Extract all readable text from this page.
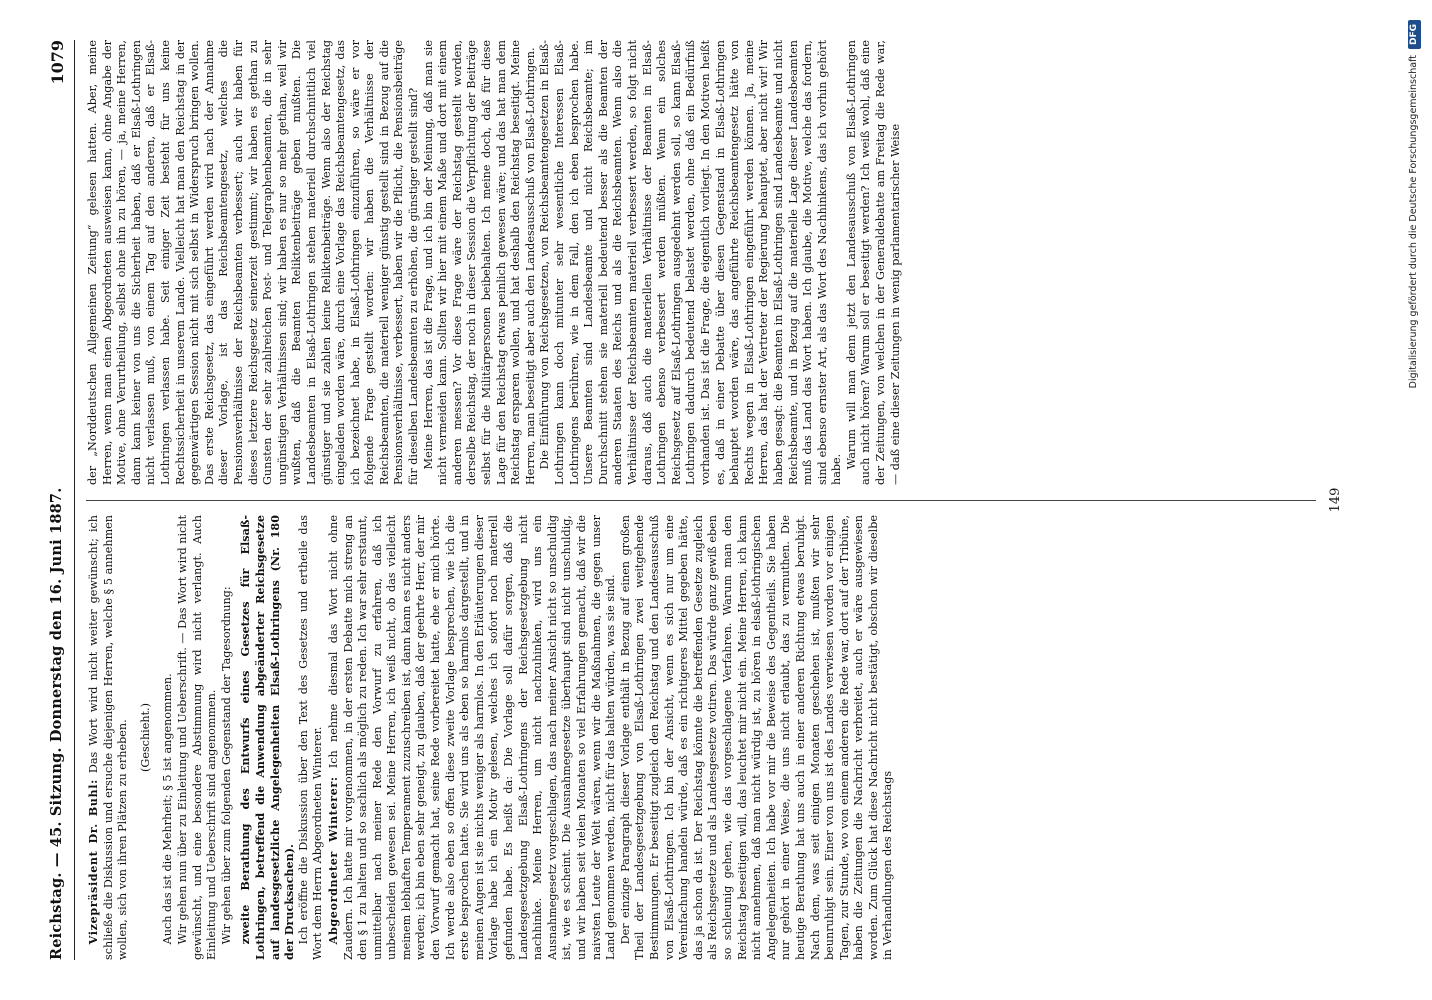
Reichstag. — 45. Sitzung. Donnerstag den 16. Juni 1887.
1079

Vizepräsident Dr. Buhl: Das Wort wird nicht weiter gewünscht; ich schließe die Diskussion und ersuche diejenigen Herren, welche § 5 annehmen wollen, sich von ihren Plätzen zu erheben. (Geschieht.) Auch das ist die Mehrheit; § 5 ist angenommen. Wir gehen nun über zu Einleitung und Ueberschrift. — Das Wort wird nicht gewünscht, und eine besondere Abstimmung wird nicht verlangt. Auch Einleitung und Ueberschrift sind angenommen. Wir gehen über zum folgenden Gegenstand der Tagesordnung: zweite Berathung des Entwurfs eines Gesetzes für Elsaß-Lothringen, betreffend die Anwendung abgeänderter Reichsgesetze auf landesgesetzliche Angelegenheiten Elsaß-Lothringens (Nr. 180 der Drucksachen). Ich eröffne die Diskussion über den Text des Gesetzes und ertheile das Wort dem Herrn Abgeordneten Winterer. Abgeordneter Winterer: Ich nehme diesmal das Wort nicht ohne Zaudern. Ich hatte mir vorgenommen, in der ersten Debatte mich streng an den § 1 zu halten und so sachlich als möglich zu reden. Ich war sehr erstaunt, unmittelbar nach meiner Rede den Vorwurf zu erfahren, daß ich unbescheiden gewesen sei. Meine Herren, ich weiß nicht, ob das vielleicht meinem lebhaften Temperament zuzuschreiben ist, dann kann es nicht anders werden; ich bin eben sehr geneigt, zu glauben, daß der geehrte Herr, der mir den Vorwurf gemacht hat, seine Rede vorbereitet hatte, ehe er mich hörte. Ich werde also eben so offen diese zweite Vorlage besprechen, wie ich die erste besprochen hatte. Sie wird uns als eben so harmlos dargestellt, und in meinen Augen ist sie nichts weniger als harmlos. In den Erläuterungen dieser Vorlage habe ich ein Motiv gelesen, welches ich sofort noch materiell gefunden habe. Es heißt da: Die Vorlage soll dafür sorgen, daß die Landesgesetzgebung Elsaß-Lothringens der Reichsgesetzgebung nicht nachhinke. Meine Herren, um nicht nachzuhinken, wird uns ein Ausnahmegesetz vorgeschlagen, das nach meiner Ansicht nicht so unschuldig ist, wie es scheint. Die Ausnahmegesetze überhaupt sind nicht unschuldig, und wir haben seit vielen Monaten so viel Erfahrungen gemacht, daß wir die naivsten Leute der Welt wären, wenn wir die Maßnahmen, die gegen unser Land genommen werden, nicht für das halten würden, was sie sind. Der einzige Paragraph dieser Vorlage enthält in Bezug auf einen großen Theil der Landesgesetzgebung von Elsaß-Lothringen zwei weitgehende Bestimmungen. Er beseitigt zugleich den Reichstag und den Landesausschuß von Elsaß-Lothringen. Ich bin der Ansicht, wenn es sich nur um eine Vereinfachung handeln würde, daß es ein richtigeres Mittel gegeben hätte, das ja schon da ist. Der Reichstag könnte die betreffenden Gesetze zugleich als Reichsgesetze und als Landesgesetze votiren. Das würde ganz gewiß eben so schleunig gehen, wie das vorgeschlagene Verfahren. Warum man den Reichstag beseitigen will, das leuchtet mir nicht ein. Meine Herren, ich kann nicht annehmen, daß man nicht würdig ist, zu hören in elsaß-lothringischen Angelegenheiten. Ich habe vor mir die Beweise des Gegentheils. Sie haben nur gehört in einer Weise, die uns nicht erlaubt, das zu vermuthen. Die heutige Berathung hat uns auch in einer anderen Richtung etwas beruhigt. Nach dem, was seit einigen Monaten geschehen ist, mußten wir sehr beunruhigt sein. Einer von uns ist des Landes verwiesen worden vor einigen Tagen, zur Stunde, wo von einem anderen die Rede war, dort auf der Tribüne, haben die Zeitungen die Nachricht verbreitet, auch er wäre ausgewiesen worden. Zum Glück hat diese Nachricht nicht bestätigt, obschon wir dieselbe in Verhandlungen des Reichstags

der „Norddeutschen Allgemeinen Zeitung“ gelesen hatten. Aber, meine Herren, wenn man einen Abgeordneten ausweisen kann, ohne Angabe der Motive, ohne Verurtheilung, selbst ohne ihn zu hören, — ja, meine Herren, dann kann keiner von uns die Sicherheit haben, daß er Elsaß-Lothringen nicht verlassen muß, von einem Tag auf den anderen, daß er Elsaß-Lothringen verlassen habe. Seit einiger Zeit besteht für uns keine Rechtssicherheit in unserem Lande. Vielleicht hat man den Reichstag in der gegenwärtigen Session nicht mit sich selbst in Widerspruch bringen wollen. Das erste Reichsgesetz, das eingeführt werden wird nach der Annahme dieser Vorlage, ist das Reichsbeamtengesetz, welches die Pensionsverhältnisse der Reichsbeamten verbessert; auch wir haben für dieses letztere Reichsgesetz seinerzeit gestimmt; wir haben es gethan zu Gunsten der sehr zahlreichen Post- und Telegraphenbeamten, die in sehr ungünstigen Verhältnissen sind; wir haben es nur so mehr gethan, weil wir wußten, daß die Beamten Reliktenbeiträge geben mußten. Die Landesbeamten in Elsaß-Lothringen stehen materiell durchschnittlich viel günstiger und sie zahlen keine Reliktenbeiträge. Wenn also der Reichstag eingeladen worden wäre, durch eine Vorlage das Reichsbeamtengesetz, das ich bezeichnet habe, in Elsaß-Lothringen einzuführen, so wäre er vor folgende Frage gestellt worden: wir haben die Verhältnisse der Reichsbeamten, die materiell weniger günstig gestellt sind in Bezug auf die Pensionsverhältnisse, verbessert, haben wir die Pflicht, die Pensionsbeiträge für dieselben Landesbeamten zu erhöhen, die günstiger gestellt sind? Meine Herren, das ist die Frage, und ich bin der Meinung, daß man sie nicht vermeiden kann. Sollten wir hier mit einem Maße und dort mit einem anderen messen? Vor diese Frage wäre der Reichstag gestellt worden, derselbe Reichstag, der noch in dieser Session die Verpflichtung der Beiträge selbst für die Militärpersonen beibehalten. Ich meine doch, daß für diese Lage für den Reichstag etwas peinlich gewesen wäre; und das hat man dem Reichstag ersparen wollen, und hat deshalb den Reichstag beseitigt. Meine Herren, man beseitigt aber auch den Landesausschuß von Elsaß-Lothringen. Die Einführung von Reichsgesetzen, von Reichsbeamtengesetzen in Elsaß-Lothringen kann doch mitunter sehr wesentliche Interessen Elsaß-Lothringens berühren, wie in dem Fall, den ich eben besprochen habe. Unsere Beamten sind Landesbeamte und nicht Reichsbeamte; im Durchschnitt stehen sie materiell bedeutend besser als die Beamten der anderen Staaten des Reichs und als die Reichsbeamten. Wenn also die Verhältnisse der Reichsbeamten materiell verbessert werden, so folgt nicht daraus, daß auch die materiellen Verhältnisse der Beamten in Elsaß-Lothringen ebenso verbessert werden müßten. Wenn ein solches Reichsgesetz auf Elsaß-Lothringen ausgedehnt werden soll, so kann Elsaß-Lothringen dadurch bedeutend belastet werden, ohne daß ein Bedürfniß vorhanden ist. Das ist die Frage, die eigentlich vorliegt. In den Motiven heißt es, daß in einer Debatte über diesen Gegenstand in Elsaß-Lothringen behauptet worden wäre, das angeführte Reichsbeamtengesetz hätte von Rechts wegen in Elsaß-Lothringen eingeführt werden können. Ja, meine Herren, das hat der Vertreter der Regierung behauptet, aber nicht wir! Wir haben gesagt: die Beamten in Elsaß-Lothringen sind Landesbeamte und nicht Reichsbeamte, und in Bezug auf die materielle Lage dieser Landesbeamten muß das Land das Wort haben. Ich glaube, die Motive, welche das fordern, sind ebenso ernster Art, als das Wort des Nachhinkens, das ich vorhin gehört habe.

Warum will man denn jetzt den Landesausschuß von Elsaß-Lothringen auch nicht hören? Warum soll er beseitigt werden? Ich weiß wohl, daß eine der Zeitungen, von welchen in der Generaldebatte am Freitag die Rede war, — daß eine dieser Zeitungen in wenig parlamentarischer Weise

149
Digitalisierung gefördert durch die Deutsche ForschungsgemeinschaftDFG
